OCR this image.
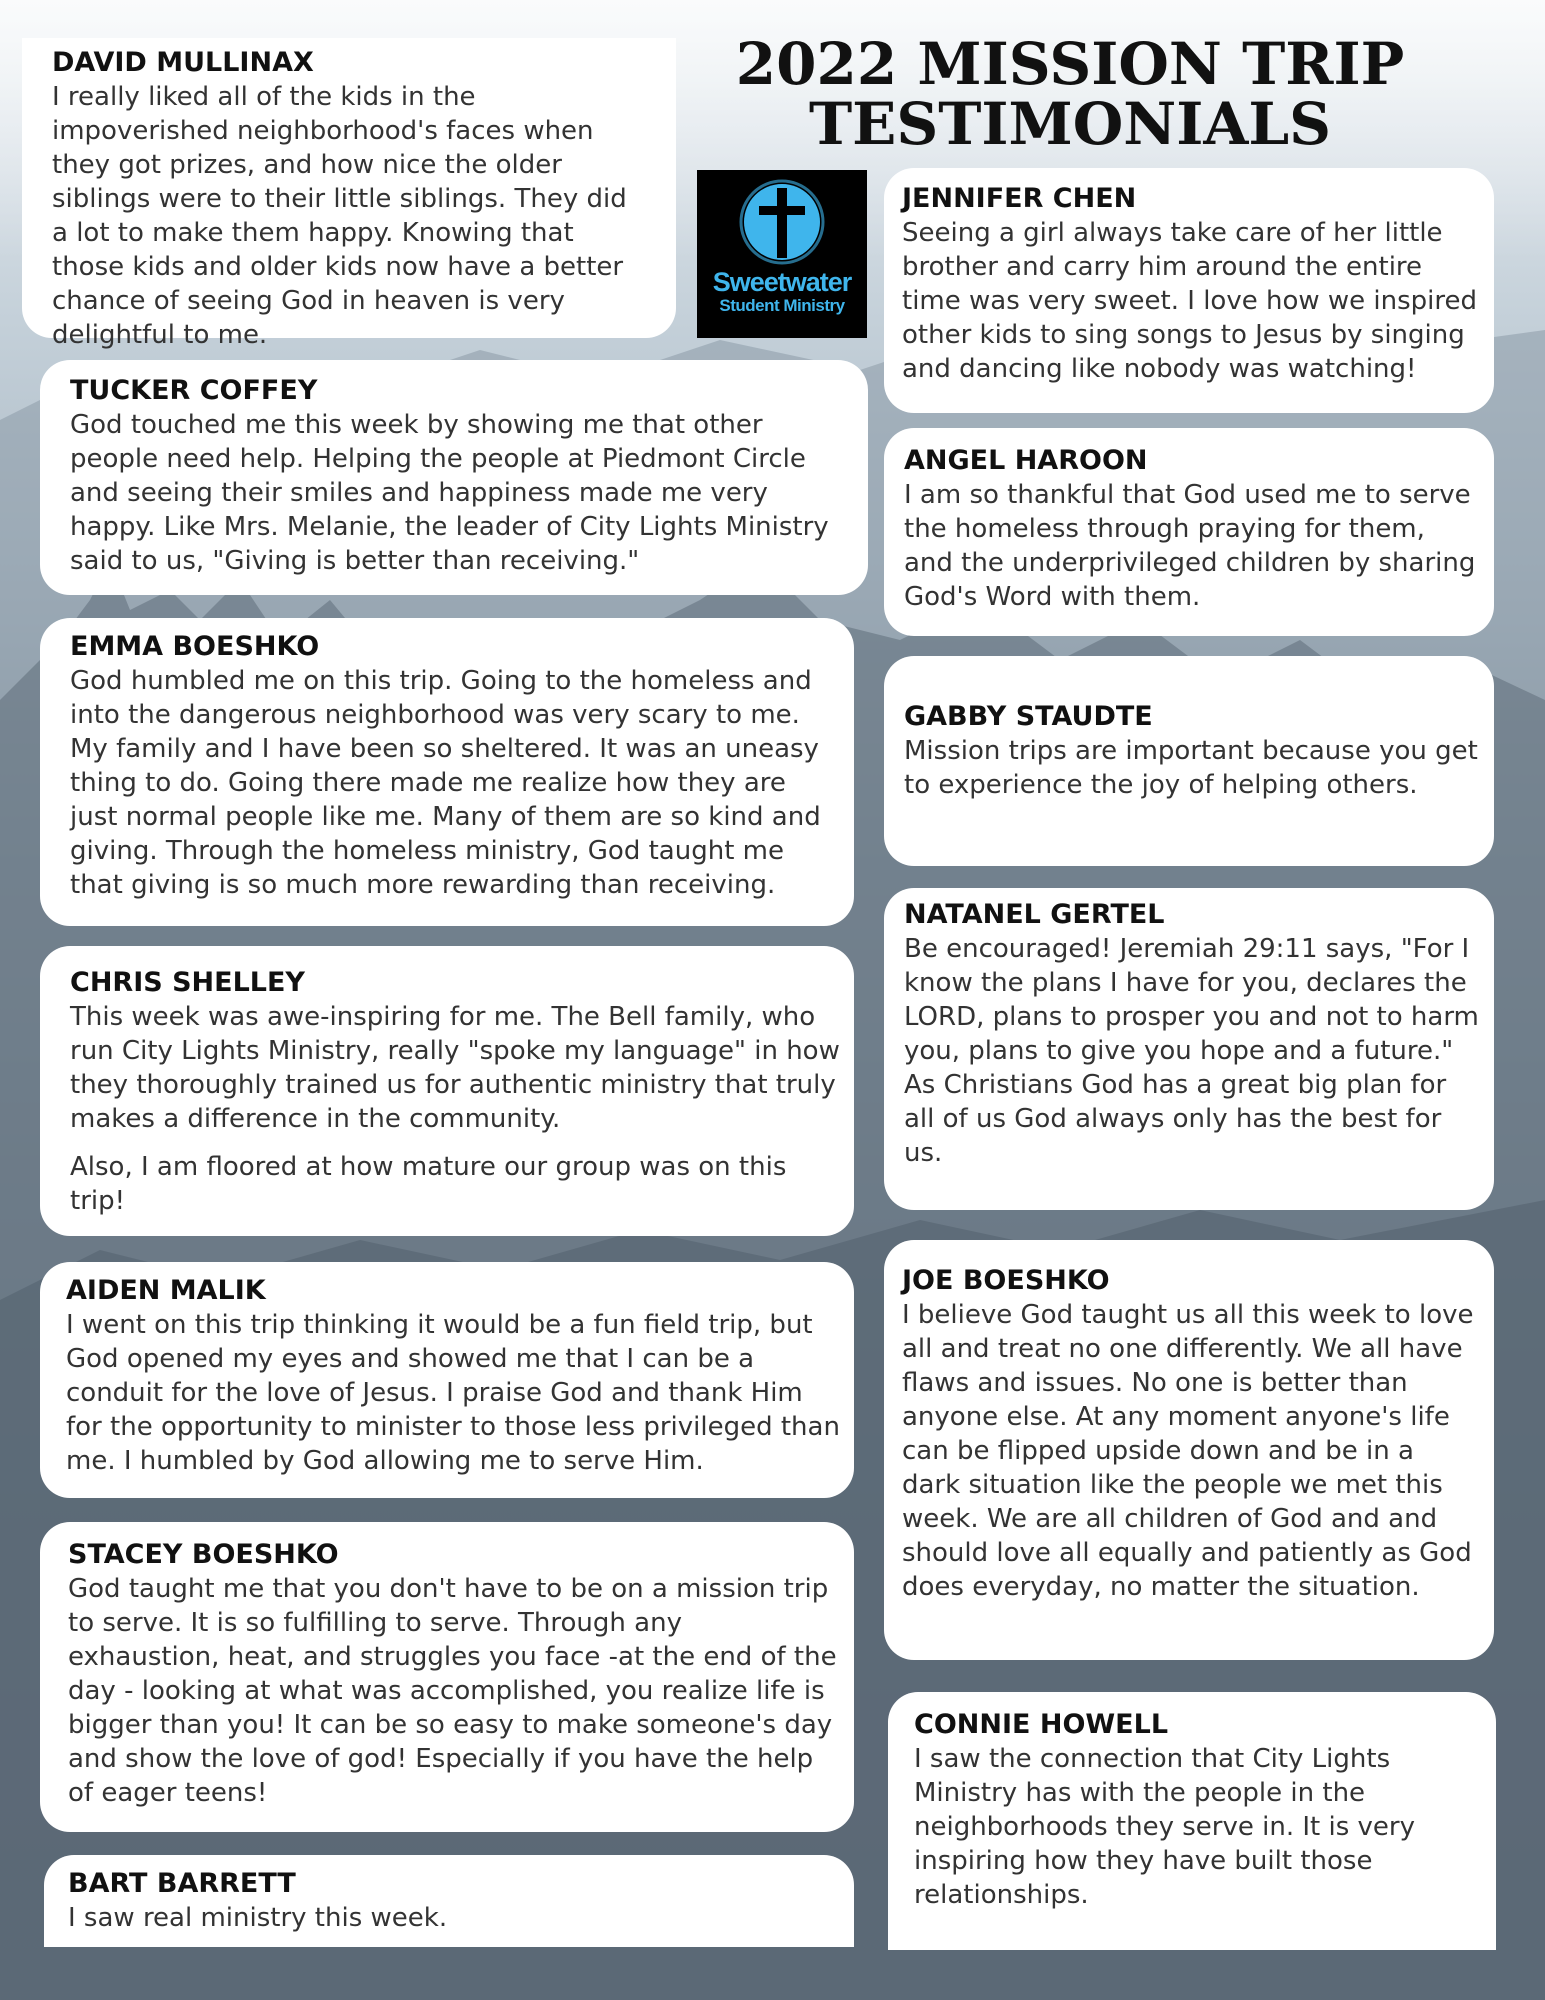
2022 MISSION TRIP
TESTIMONIALS
Sweetwater
Student Ministry
DAVID MULLINAX

I really liked all of the kids in the impoverished neighborhood's faces when they got prizes, and how nice the older siblings were to their little siblings. They did a lot to make them happy. Knowing that those kids and older kids now have a better chance of seeing God in heaven is very delightful to me.

TUCKER COFFEY

God touched me this week by showing me that other people need help. Helping the people at Piedmont Circle and seeing their smiles and happiness made me very happy. Like Mrs. Melanie, the leader of City Lights Ministry said to us, "Giving is better than receiving."

EMMA BOESHKO

God humbled me on this trip. Going to the homeless and into the dangerous neighborhood was very scary to me. My family and I have been so sheltered. It was an uneasy thing to do. Going there made me realize how they are just normal people like me. Many of them are so kind and giving. Through the homeless ministry, God taught me that giving is so much more rewarding than receiving.

CHRIS SHELLEY

This week was awe-inspiring for me. The Bell family, who run City Lights Ministry, really "spoke my language" in how they thoroughly trained us for authentic ministry that truly makes a difference in the community.

Also, I am floored at how mature our group was on this trip!

AIDEN MALIK

I went on this trip thinking it would be a fun field trip, but God opened my eyes and showed me that I can be a conduit for the love of Jesus. I praise God and thank Him for the opportunity to minister to those less privileged than me. I humbled by God allowing me to serve Him.

STACEY BOESHKO

God taught me that you don't have to be on a mission trip to serve. It is so fulfilling to serve. Through any exhaustion, heat, and struggles you face -at the end of the day - looking at what was accomplished, you realize life is bigger than you! It can be so easy to make someone's day and show the love of god! Especially if you have the help of eager teens!

BART BARRETT

I saw real ministry this week.

JENNIFER CHEN

Seeing a girl always take care of her little brother and carry him around the entire time was very sweet. I love how we inspired other kids to sing songs to Jesus by singing and dancing like nobody was watching!

ANGEL HAROON

I am so thankful that God used me to serve the homeless through praying for them, and the underprivileged children by sharing God's Word with them.

GABBY STAUDTE

Mission trips are important because you get to experience the joy of helping others.

NATANEL GERTEL

Be encouraged! Jeremiah 29:11 says, "For I know the plans I have for you, declares the LORD, plans to prosper you and not to harm you, plans to give you hope and a future." As Christians God has a great big plan for all of us God always only has the best for us.

JOE BOESHKO

I believe God taught us all this week to love all and treat no one differently. We all have flaws and issues. No one is better than anyone else. At any moment anyone's life can be flipped upside down and be in a dark situation like the people we met this week. We are all children of God and and should love all equally and patiently as God does everyday, no matter the situation.

CONNIE HOWELL

I saw the connection that City Lights Ministry has with the people in the neighborhoods they serve in. It is very inspiring how they have built those relationships.
